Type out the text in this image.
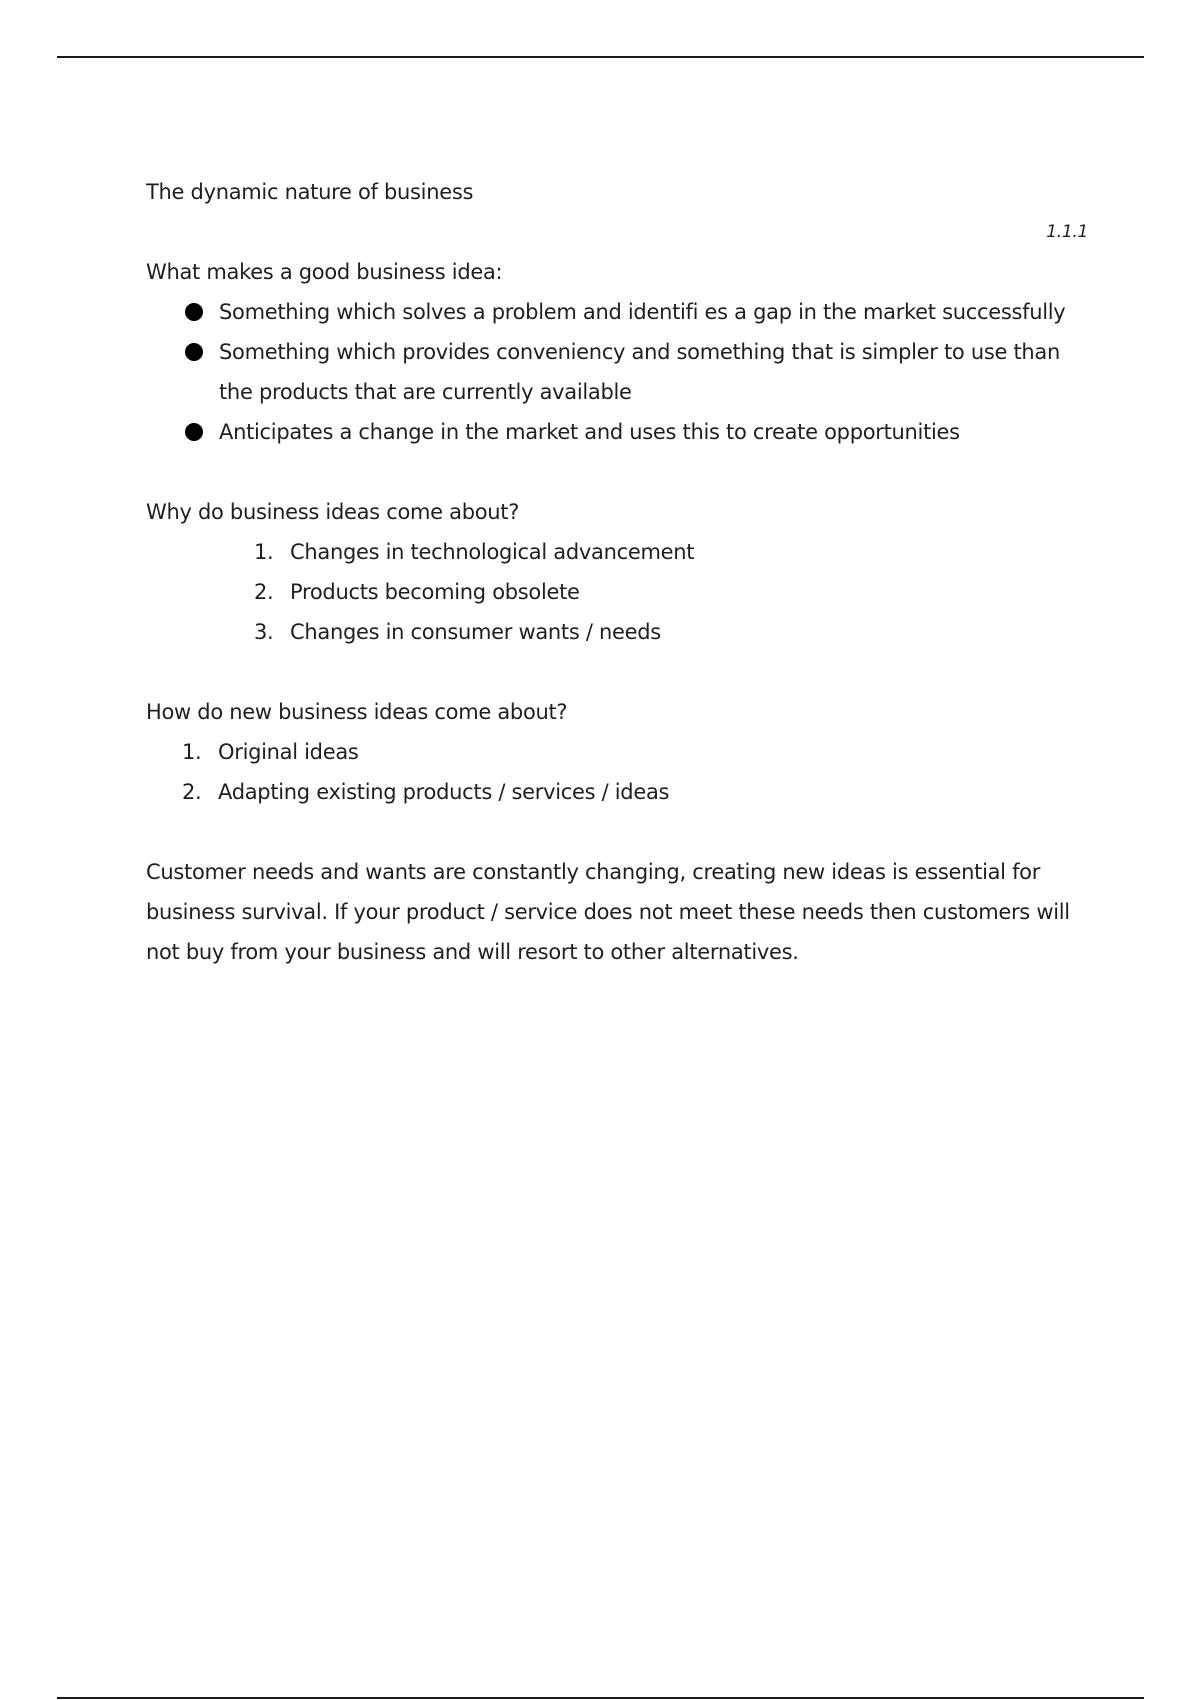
The dynamic nature of business

1.1.1

What makes a good business idea:

Something which solves a problem and identifi es a gap in the market successfully
Something which provides conveniency and something that is simpler to use than the products that are currently available
Anticipates a change in the market and uses this to create opportunities

Why do business ideas come about?

1. Changes in technological advancement
2. Products becoming obsolete
3. Changes in consumer wants / needs

How do new business ideas come about?

1. Original ideas
2. Adapting existing products / services / ideas

Customer needs and wants are constantly changing, creating new ideas is essential for business survival. If your product / service does not meet these needs then customers will not buy from your business and will resort to other alternatives.
